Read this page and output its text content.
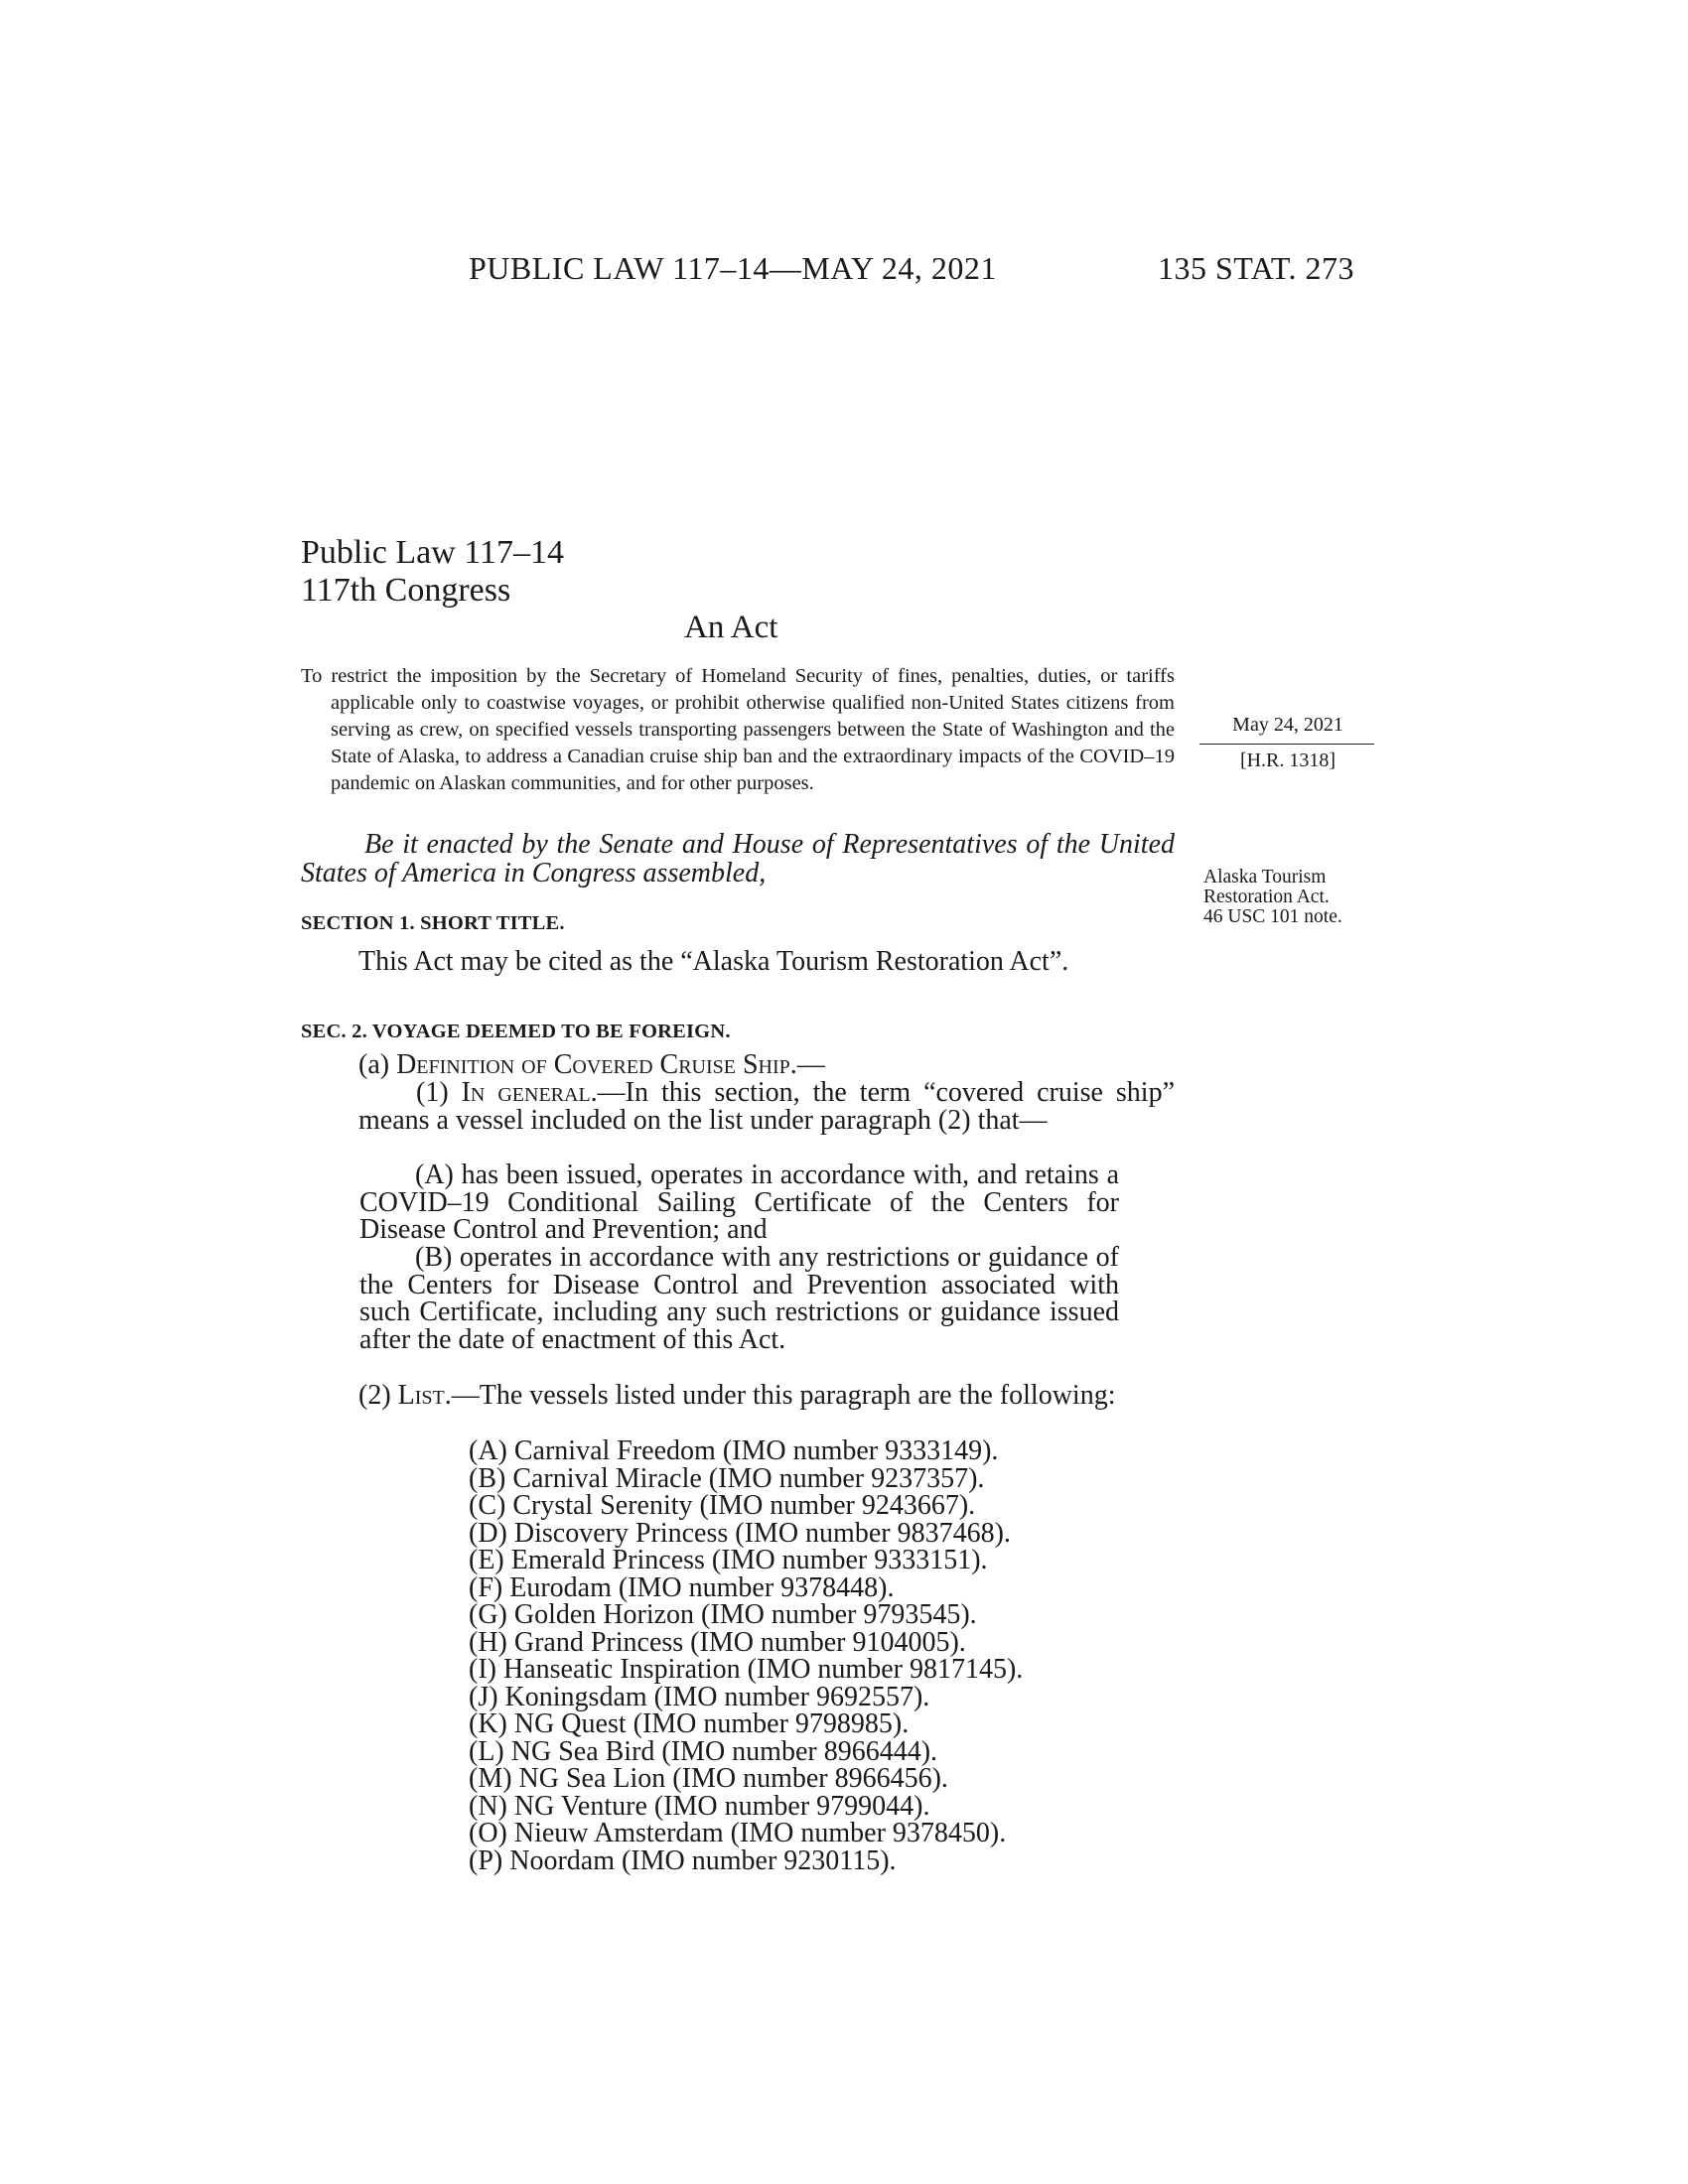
PUBLIC LAW 117–14—MAY 24, 2021	135 STAT. 273
Public Law 117–14
117th Congress
An Act
To restrict the imposition by the Secretary of Homeland Security of fines, penalties, duties, or tariffs applicable only to coastwise voyages, or prohibit otherwise qualified non-United States citizens from serving as crew, on specified vessels transporting passengers between the State of Washington and the State of Alaska, to address a Canadian cruise ship ban and the extraordinary impacts of the COVID–19 pandemic on Alaskan communities, and for other purposes.
May 24, 2021
[H.R. 1318]
Be it enacted by the Senate and House of Representatives of the United States of America in Congress assembled,	Alaska Tourism
Restoration Act.
46 USC 101 note.
SECTION 1. SHORT TITLE.
This Act may be cited as the “Alaska Tourism Restoration Act”.
SEC. 2. VOYAGE DEEMED TO BE FOREIGN.
(a) Definition of Covered Cruise Ship.—
(1) In general.—In this section, the term “covered cruise ship” means a vessel included on the list under paragraph (2) that—
(A) has been issued, operates in accordance with, and retains a COVID–19 Conditional Sailing Certificate of the Centers for Disease Control and Prevention; and
(B) operates in accordance with any restrictions or guidance of the Centers for Disease Control and Prevention associated with such Certificate, including any such restrictions or guidance issued after the date of enactment of this Act.
(2) List.—The vessels listed under this paragraph are the following:
(A) Carnival Freedom (IMO number 9333149).
(B) Carnival Miracle (IMO number 9237357).
(C) Crystal Serenity (IMO number 9243667).
(D) Discovery Princess (IMO number 9837468).
(E) Emerald Princess (IMO number 9333151).
(F) Eurodam (IMO number 9378448).
(G) Golden Horizon (IMO number 9793545).
(H) Grand Princess (IMO number 9104005).
(I) Hanseatic Inspiration (IMO number 9817145).
(J) Koningsdam (IMO number 9692557).
(K) NG Quest (IMO number 9798985).
(L) NG Sea Bird (IMO number 8966444).
(M) NG Sea Lion (IMO number 8966456).
(N) NG Venture (IMO number 9799044).
(O) Nieuw Amsterdam (IMO number 9378450).
(P) Noordam (IMO number 9230115).
